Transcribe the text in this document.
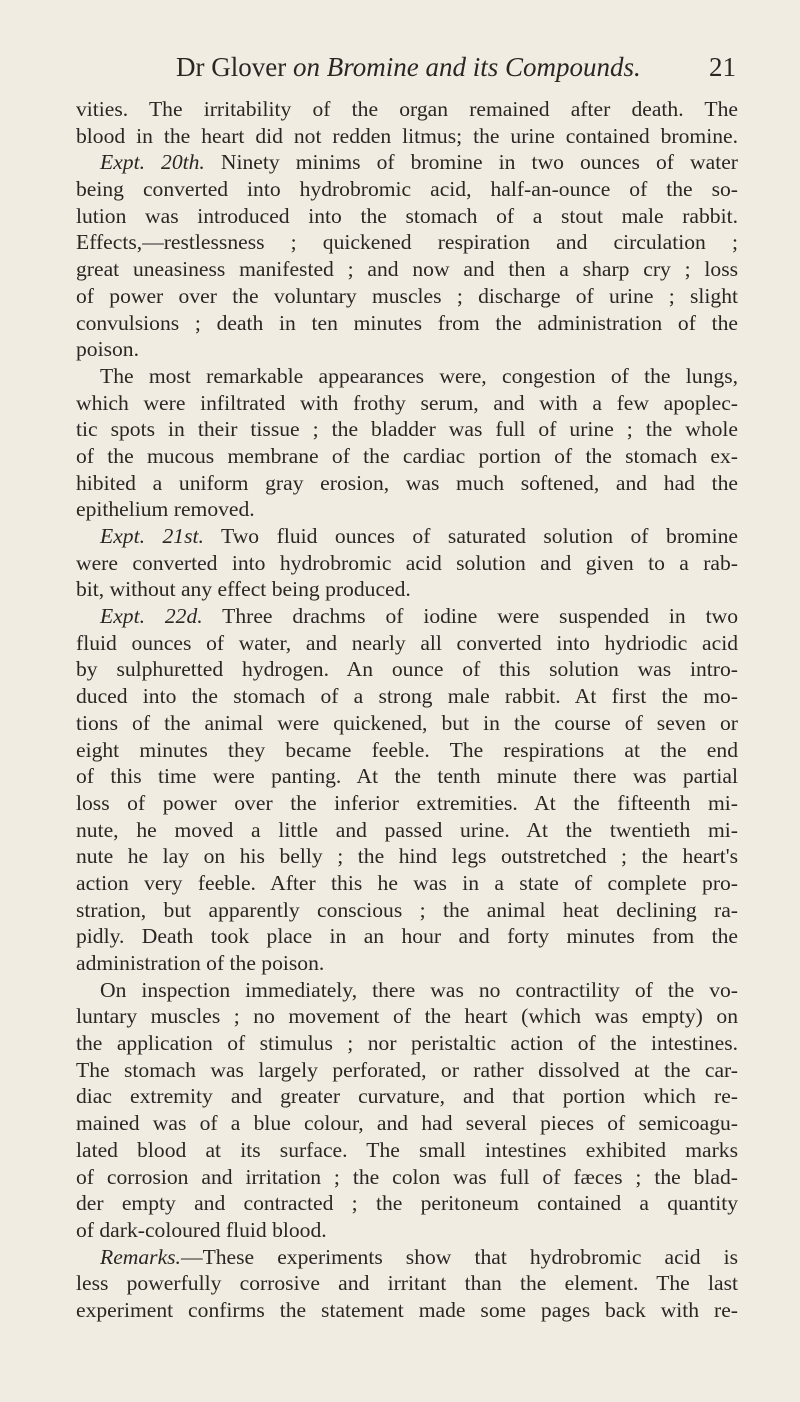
Dr Glover on Bromine and its Compounds.	21
vities. The irritability of the organ remained after death. The
blood in the heart did not redden litmus; the urine contained bromine.
Expt. 20th. Ninety minims of bromine in two ounces of water
being converted into hydrobromic acid, half-an-ounce of the so-
lution was introduced into the stomach of a stout male rabbit.
Effects,—restlessness ; quickened respiration and circulation ;
great uneasiness manifested ; and now and then a sharp cry ; loss
of power over the voluntary muscles ; discharge of urine ; slight
convulsions ; death in ten minutes from the administration of the
poison.
The most remarkable appearances were, congestion of the lungs,
which were infiltrated with frothy serum, and with a few apoplec-
tic spots in their tissue ; the bladder was full of urine ; the whole
of the mucous membrane of the cardiac portion of the stomach ex-
hibited a uniform gray erosion, was much softened, and had the
epithelium removed.
Expt. 21st. Two fluid ounces of saturated solution of bromine
were converted into hydrobromic acid solution and given to a rab-
bit, without any effect being produced.
Expt. 22d. Three drachms of iodine were suspended in two
fluid ounces of water, and nearly all converted into hydriodic acid
by sulphuretted hydrogen. An ounce of this solution was intro-
duced into the stomach of a strong male rabbit. At first the mo-
tions of the animal were quickened, but in the course of seven or
eight minutes they became feeble. The respirations at the end
of this time were panting. At the tenth minute there was partial
loss of power over the inferior extremities. At the fifteenth mi-
nute, he moved a little and passed urine. At the twentieth mi-
nute he lay on his belly ; the hind legs outstretched ; the heart's
action very feeble. After this he was in a state of complete pro-
stration, but apparently conscious ; the animal heat declining ra-
pidly. Death took place in an hour and forty minutes from the
administration of the poison.
On inspection immediately, there was no contractility of the vo-
luntary muscles ; no movement of the heart (which was empty) on
the application of stimulus ; nor peristaltic action of the intestines.
The stomach was largely perforated, or rather dissolved at the car-
diac extremity and greater curvature, and that portion which re-
mained was of a blue colour, and had several pieces of semicoagu-
lated blood at its surface. The small intestines exhibited marks
of corrosion and irritation ; the colon was full of fæces ; the blad-
der empty and contracted ; the peritoneum contained a quantity
of dark-coloured fluid blood.
Remarks.—These experiments show that hydrobromic acid is
less powerfully corrosive and irritant than the element. The last
experiment confirms the statement made some pages back with re-
